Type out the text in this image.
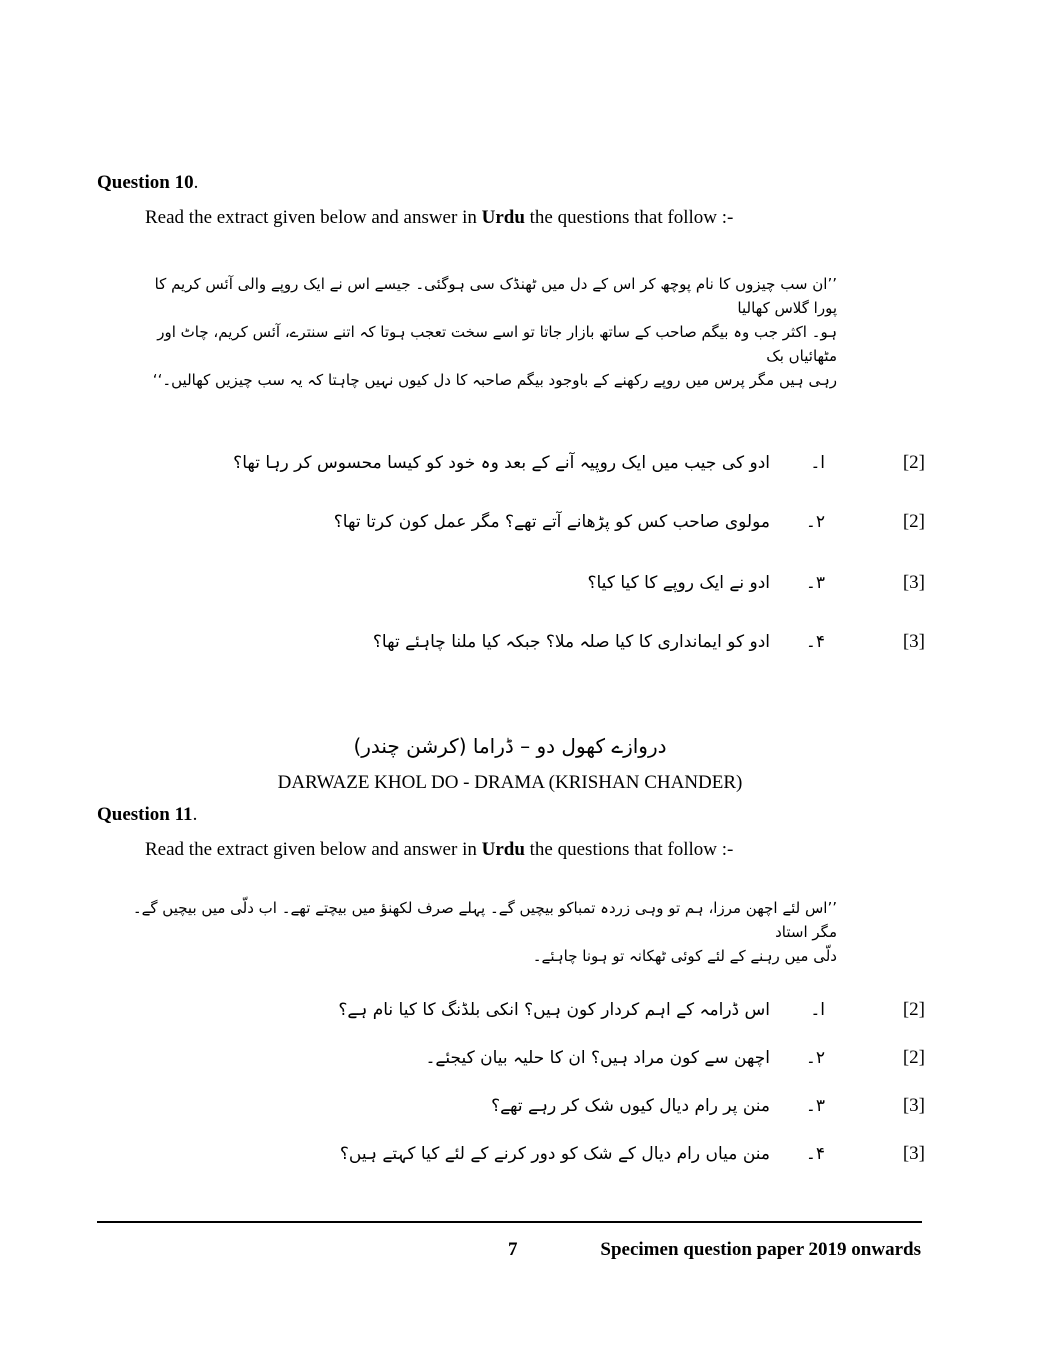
Question 10.
Read the extract given below and answer in Urdu the questions that follow :-
’’ان سب چیزوں کا نام پوچھ کر اس کے دل میں ٹھنڈک سی ہوگئی۔ جیسے اس نے ایک روپے والی آئس کریم کا پورا گلاس کھالیا
ہو۔ اکثر جب وہ بیگم صاحب کے ساتھ بازار جاتا تو اسے سخت تعجب ہوتا کہ اتنے سنترے، آئس کریم، چاٹ اور مٹھائیاں بک
رہی ہیں مگر پرس میں روپے رکھنے کے باوجود بیگم صاحبہ کا دل کیوں نہیں چاہتا کہ یہ سب چیزیں کھالیں۔‘‘
[2]
ا۔
ادو کی جیب میں ایک روپیہ آنے کے بعد وہ خود کو کیسا محسوس کر رہا تھا؟
[2]
۲۔
مولوی صاحب کس کو پڑھانے آتے تھے؟ مگر عمل کون کرتا تھا؟
[3]
۳۔
ادو نے ایک روپے کا کیا کیا؟
[3]
۴۔
ادو کو ایمانداری کا کیا صلہ ملا؟ جبکہ کیا ملنا چاہئے تھا؟
دروازے کھول دو – ڈراما (کرشن چندر)
DARWAZE KHOL DO - DRAMA (KRISHAN CHANDER)
Question 11.
Read the extract given below and answer in Urdu the questions that follow :-
’’اس لئے اچھن مرزا، ہم تو وہی زردہ تمباکو بیچیں گے۔ پہلے صرف لکھنؤ میں بیچتے تھے۔ اب دلّی میں بیچیں گے۔ مگر استاد
دلّی میں رہنے کے لئے کوئی ٹھکانہ تو ہونا چاہئے۔
[2]
ا۔
اس ڈرامہ کے اہم کردار کون ہیں؟ انکی بلڈنگ کا کیا نام ہے؟
[2]
۲۔
اچھن سے کون مراد ہیں؟ ان کا حلیہ بیان کیجئے۔
[3]
۳۔
منن پر رام دیال کیوں شک کر رہے تھے؟
[3]
۴۔
منن میاں رام دیال کے شک کو دور کرنے کے لئے کیا کہتے ہیں؟
7	Specimen question paper 2019 onwards
